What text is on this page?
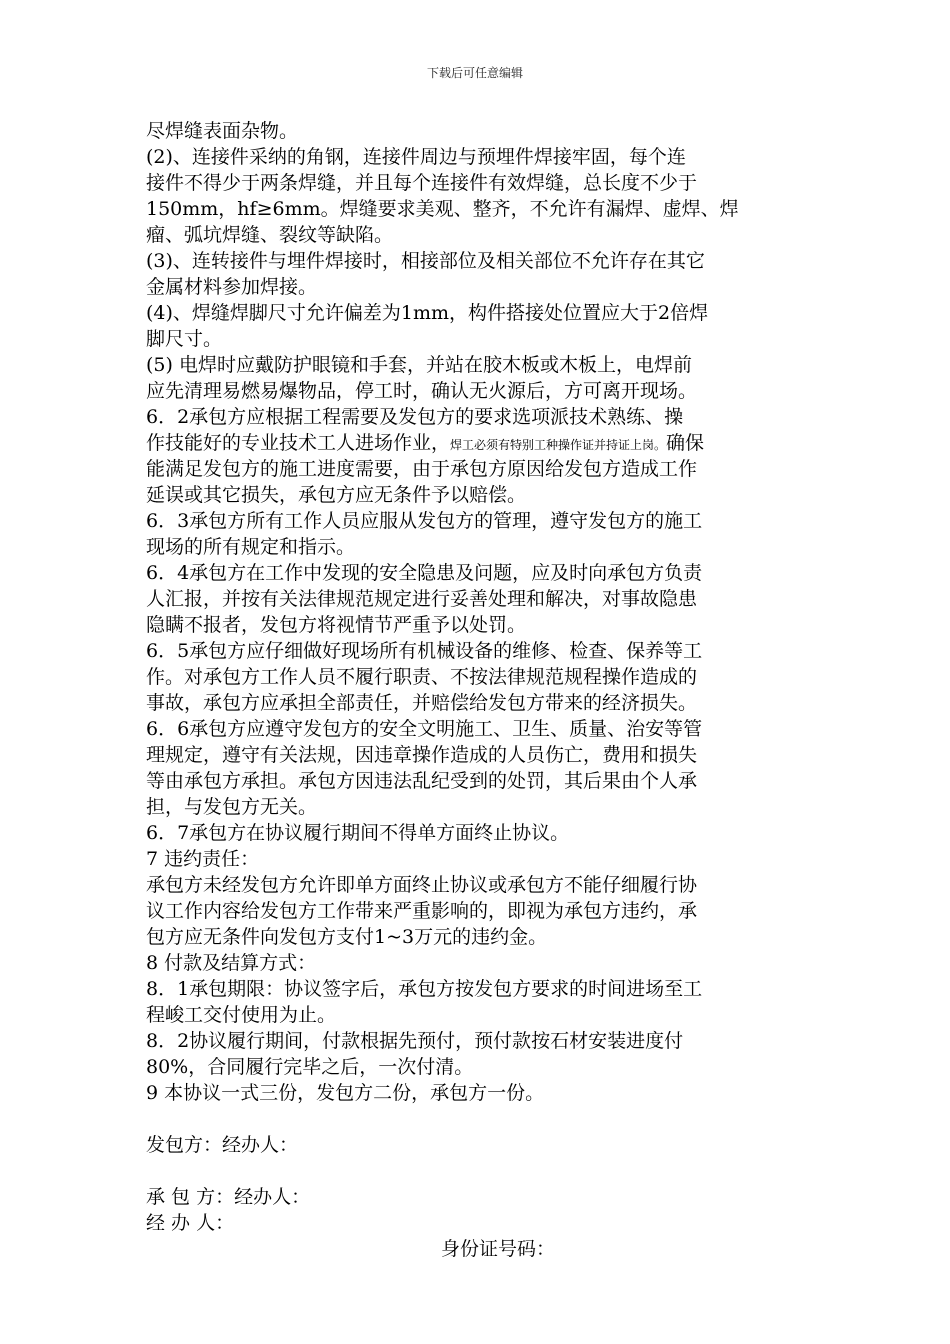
下载后可任意编辑
尽焊缝表面杂物。
(2)、连接件采纳的角钢，连接件周边与预埋件焊接牢固，每个连
接件不得少于两条焊缝，并且每个连接件有效焊缝，总长度不少于
150mm，hf≥6mm。焊缝要求美观、整齐，不允许有漏焊、虚焊、焊
瘤、弧坑焊缝、裂纹等缺陷。
(3)、连转接件与埋件焊接时，相接部位及相关部位不允许存在其它
金属材料参加焊接。
(4)、焊缝焊脚尺寸允许偏差为1mm，构件搭接处位置应大于2倍焊
脚尺寸。
(5) 电焊时应戴防护眼镜和手套，并站在胶木板或木板上，电焊前
应先清理易燃易爆物品，停工时，确认无火源后，方可离开现场。
6．2承包方应根据工程需要及发包方的要求选项派技术熟练、操
作技能好的专业技术工人进场作业，焊工必须有特别工种操作证并持证上岗。确保
能满足发包方的施工进度需要，由于承包方原因给发包方造成工作
延误或其它损失，承包方应无条件予以赔偿。
6．3承包方所有工作人员应服从发包方的管理，遵守发包方的施工
现场的所有规定和指示。
6．4承包方在工作中发现的安全隐患及问题，应及时向承包方负责
人汇报，并按有关法律规范规定进行妥善处理和解决，对事故隐患
隐瞒不报者，发包方将视情节严重予以处罚。
6．5承包方应仔细做好现场所有机械设备的维修、检查、保养等工
作。对承包方工作人员不履行职责、不按法律规范规程操作造成的
事故，承包方应承担全部责任，并赔偿给发包方带来的经济损失。
6．6承包方应遵守发包方的安全文明施工、卫生、质量、治安等管
理规定，遵守有关法规，因违章操作造成的人员伤亡，费用和损失
等由承包方承担。承包方因违法乱纪受到的处罚，其后果由个人承
担，与发包方无关。
6．7承包方在协议履行期间不得单方面终止协议。
7 违约责任：
承包方未经发包方允许即单方面终止协议或承包方不能仔细履行协
议工作内容给发包方工作带来严重影响的，即视为承包方违约，承
包方应无条件向发包方支付1~3万元的违约金。
8 付款及结算方式：
8．1承包期限：协议签字后，承包方按发包方要求的时间进场至工
程峻工交付使用为止。
8．2协议履行期间，付款根据先预付，预付款按石材安装进度付
80%，合同履行完毕之后，一次付清。
9 本协议一式三份，发包方二份，承包方一份。
发包方：经办人：
承 包 方：经办人：
经 办 人：
身份证号码：
